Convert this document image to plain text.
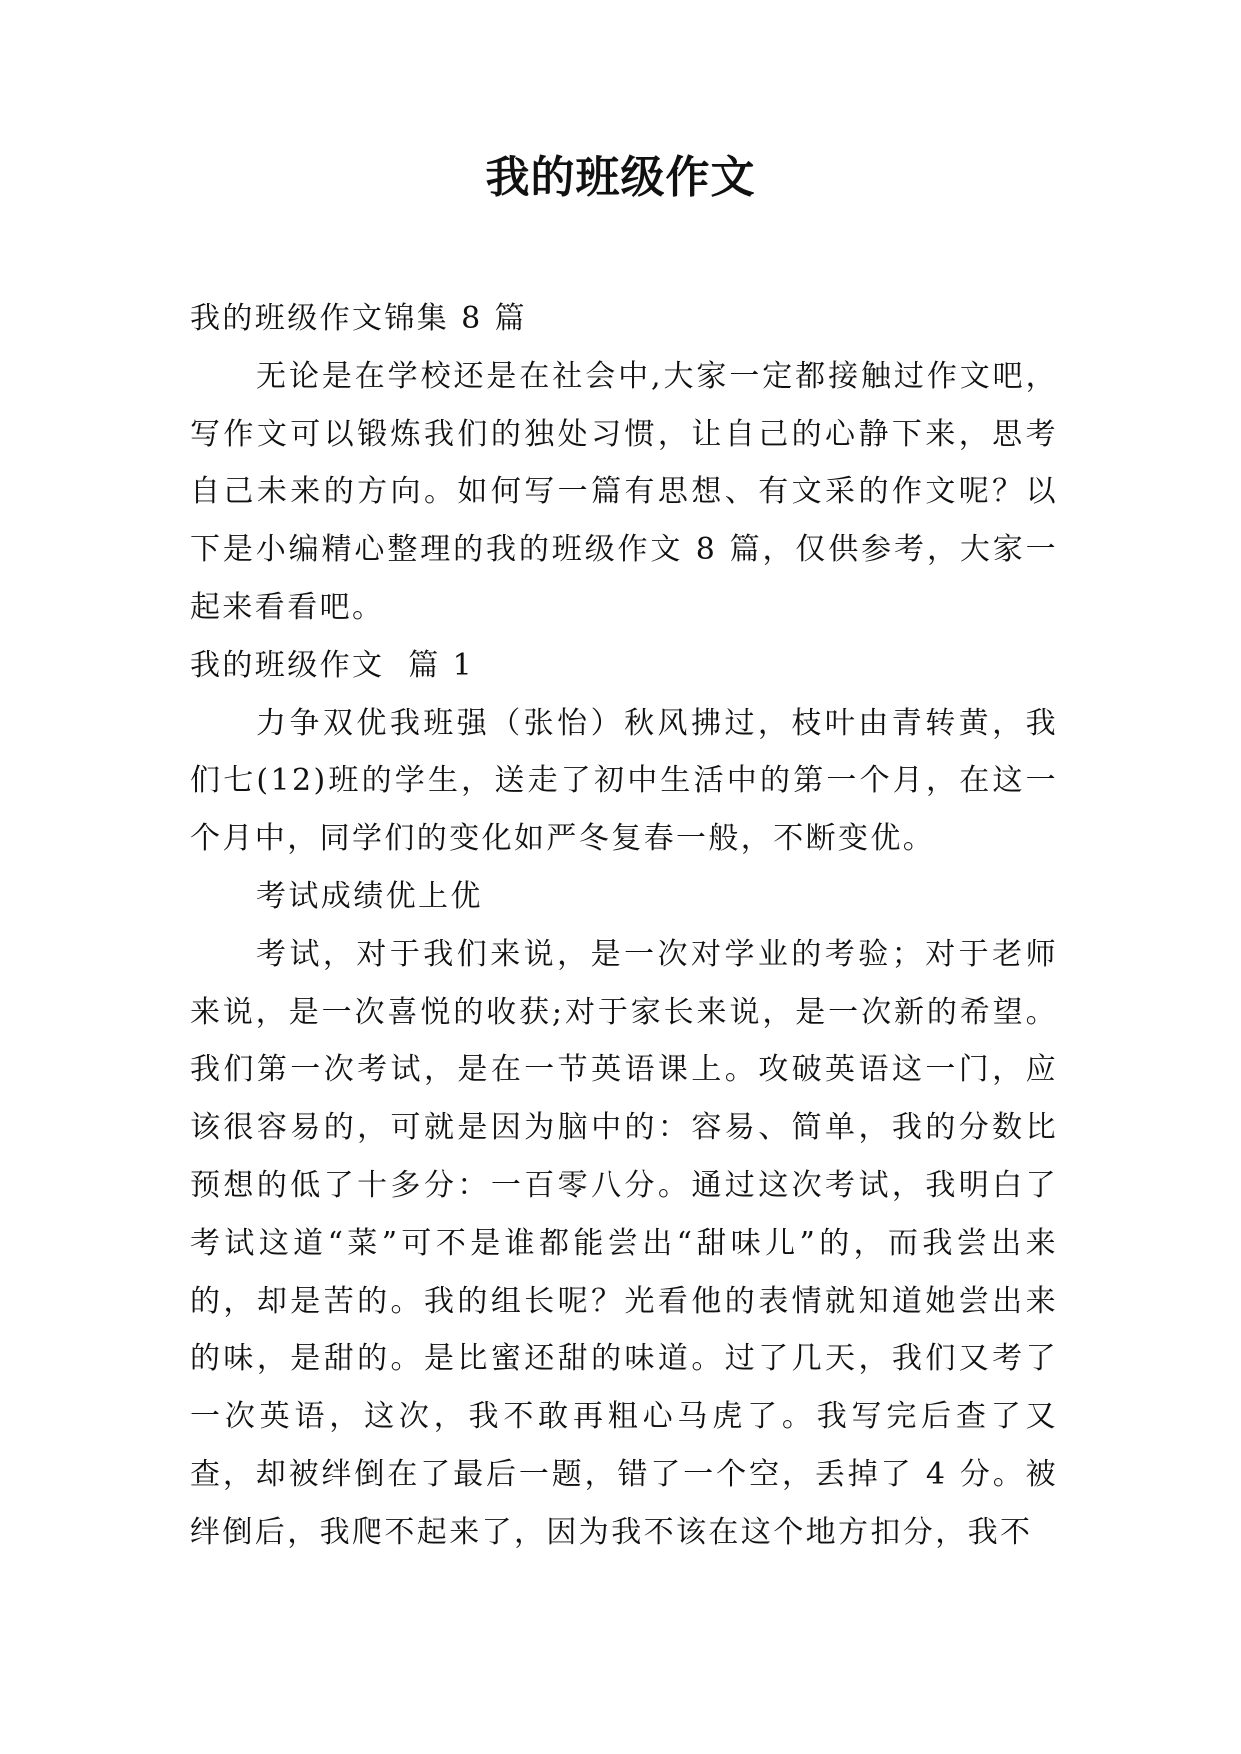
我的班级作文

我的班级作文锦集 8 篇

无论是在学校还是在社会中,大家一定都接触过作文吧，写作文可以锻炼我们的独处习惯，让自己的心静下来，思考自己未来的方向。如何写一篇有思想、有文采的作文呢？以下是小编精心整理的我的班级作文 8 篇，仅供参考，大家一起来看看吧。

我的班级作文  篇 1

力争双优我班强（张怡）秋风拂过，枝叶由青转黄，我们七(12)班的学生，送走了初中生活中的第一个月，在这一个月中，同学们的变化如严冬复春一般，不断变优。

考试成绩优上优

考试，对于我们来说，是一次对学业的考验；对于老师来说，是一次喜悦的收获;对于家长来说，是一次新的希望。我们第一次考试，是在一节英语课上。攻破英语这一门，应该很容易的，可就是因为脑中的：容易、简单，我的分数比预想的低了十多分：一百零八分。通过这次考试，我明白了考试这道“菜”可不是谁都能尝出“甜味儿”的，而我尝出来的，却是苦的。我的组长呢？光看他的表情就知道她尝出来的味，是甜的。是比蜜还甜的味道。过了几天，我们又考了一次英语，这次，我不敢再粗心马虎了。我写完后查了又查，却被绊倒在了最后一题，错了一个空，丢掉了 4 分。被绊倒后，我爬不起来了，因为我不该在这个地方扣分，我不
